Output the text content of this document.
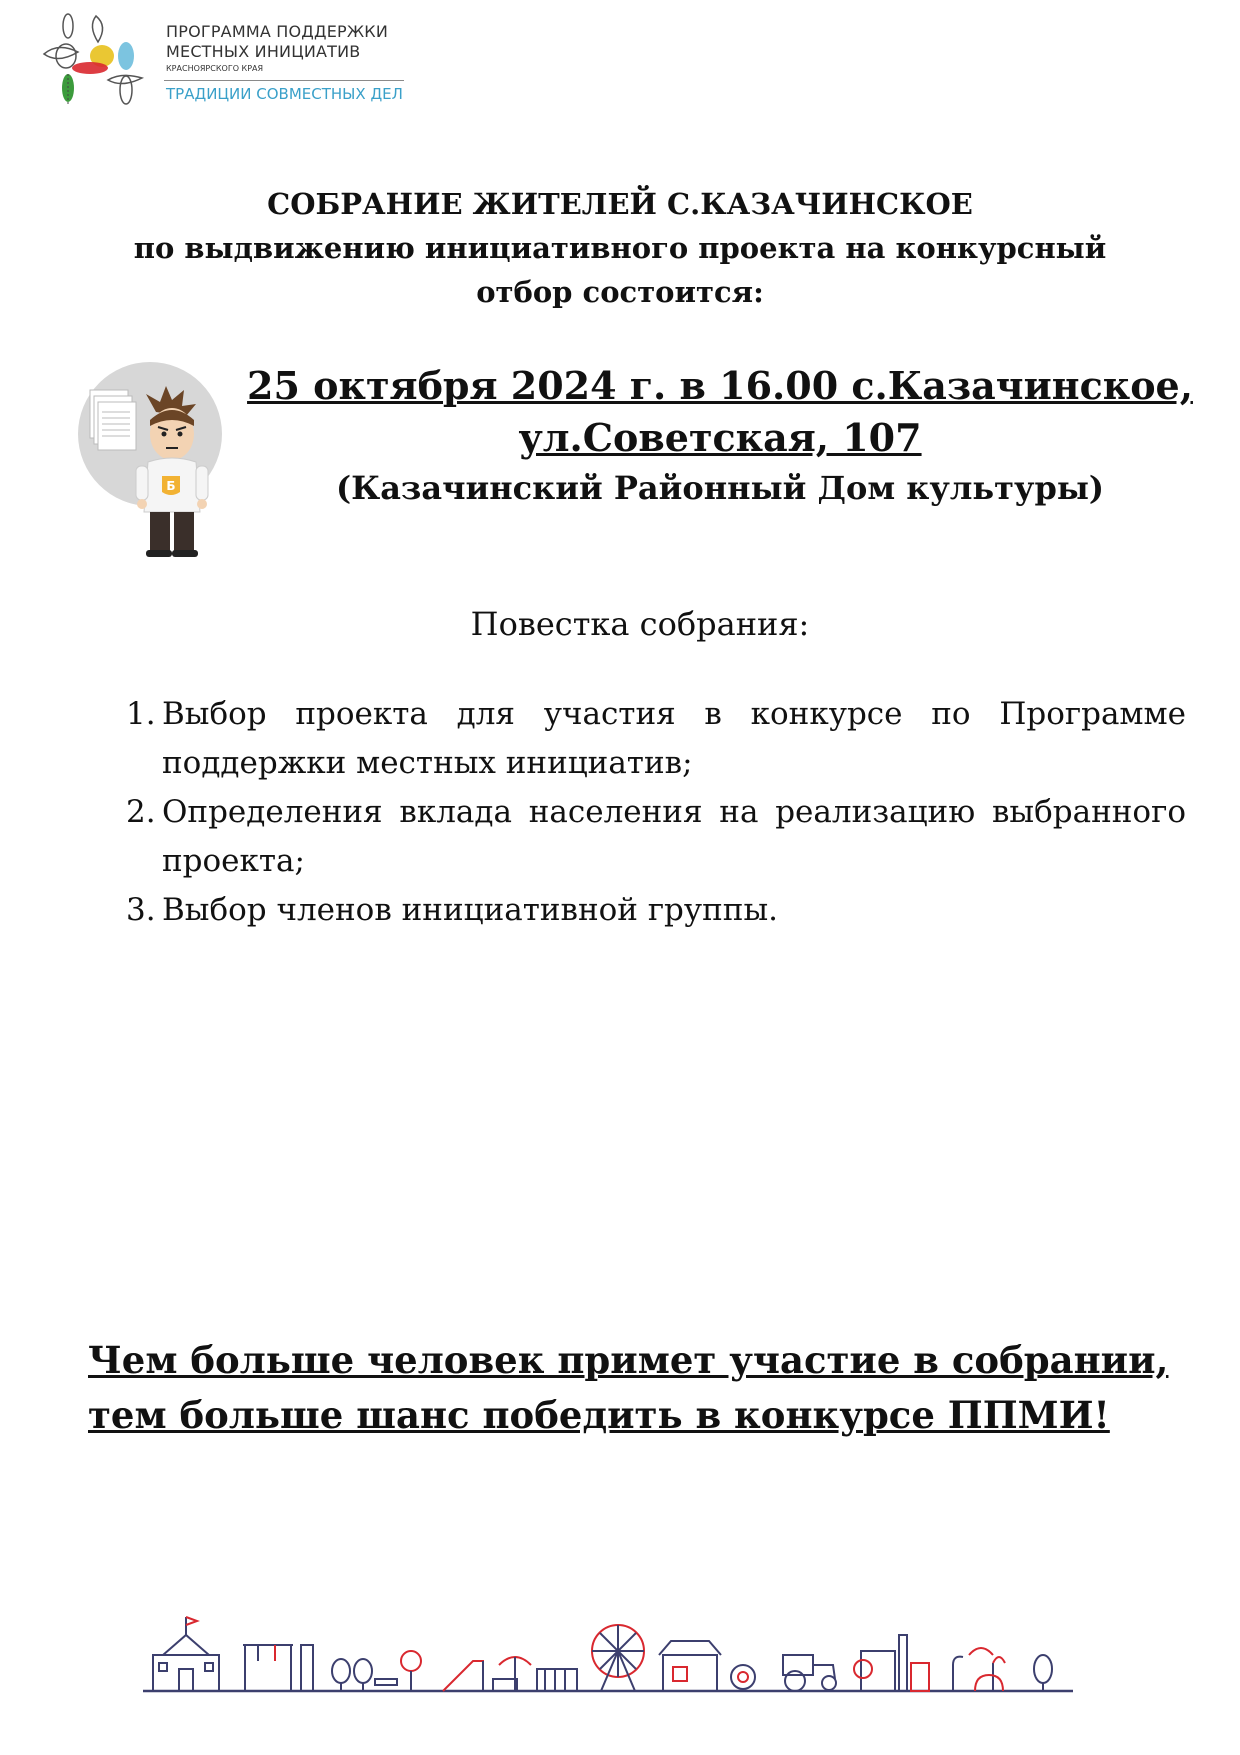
ПРОГРАММА ПОДДЕРЖКИ
МЕСТНЫХ ИНИЦИАТИВ
КРАСНОЯРСКОГО КРАЯ
ТРАДИЦИИ СОВМЕСТНЫХ ДЕЛ
СОБРАНИЕ ЖИТЕЛЕЙ С.КАЗАЧИНСКОЕ
по выдвижению инициативного проекта на конкурсный
отбор состоится:
Б
25 октября 2024 г. в 16.00 с.Казачинское,
ул.Советская, 107
(Казачинский Районный Дом культуры)
Повестка собрания:
1. Выбор проекта для участия в конкурсе по Программе поддержки местных инициатив;
2. Определения вклада населения на реализацию выбранного проекта;
3. Выбор членов инициативной группы.
Чем больше человек примет участие в собрании,
тем больше шанс победить в конкурсе ППМИ!
